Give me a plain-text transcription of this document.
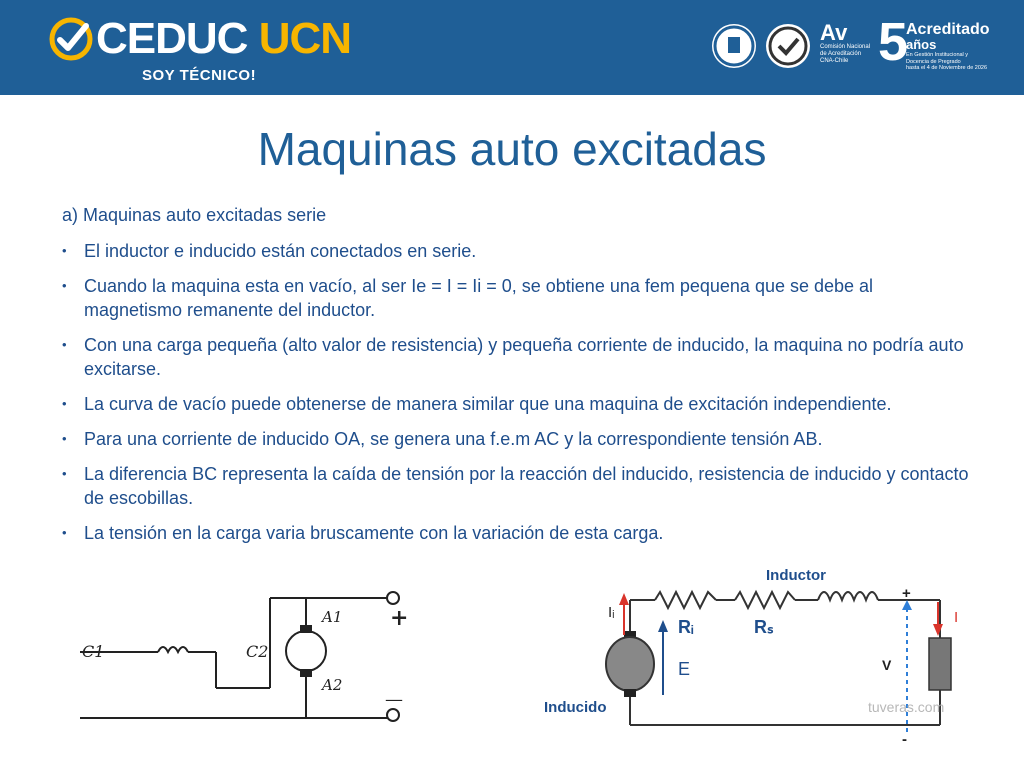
CEDUC UCN
SOY TÉCNICO!
Av
Comisión Nacional
de Acreditación
CNA-Chile 5
Acreditado
años
En Gestión Institucional y
Docencia de Pregrado
hasta el 4 de Noviembre de 2026
Maquinas auto excitadas
a) Maquinas auto excitadas serie
• El inductor e inducido están conectados en serie.
• Cuando la maquina esta en vacío, al ser Ie = I = Ii = 0, se obtiene una fem pequena que se debe al magnetismo remanente del inductor.
• Con una carga pequeña (alto valor de resistencia) y pequeña corriente de inducido, la maquina no podría auto excitarse.
• La curva de vacío puede obtenerse de manera similar que una maquina de excitación independiente.
• Para una corriente de inducido OA, se genera una f.e.m AC y la correspondiente tensión AB.
• La diferencia BC representa la caída de tensión por la reacción del inducido, resistencia de inducido y contacto de escobillas.
• La tensión en la carga varia bruscamente con la variación de esta carga.
C1	C2
A1
A2
+
—
Inductor
Iᵢ
Rᵢ	Rₛ
E
Inducido
+
V
-
I
tuveras.com
